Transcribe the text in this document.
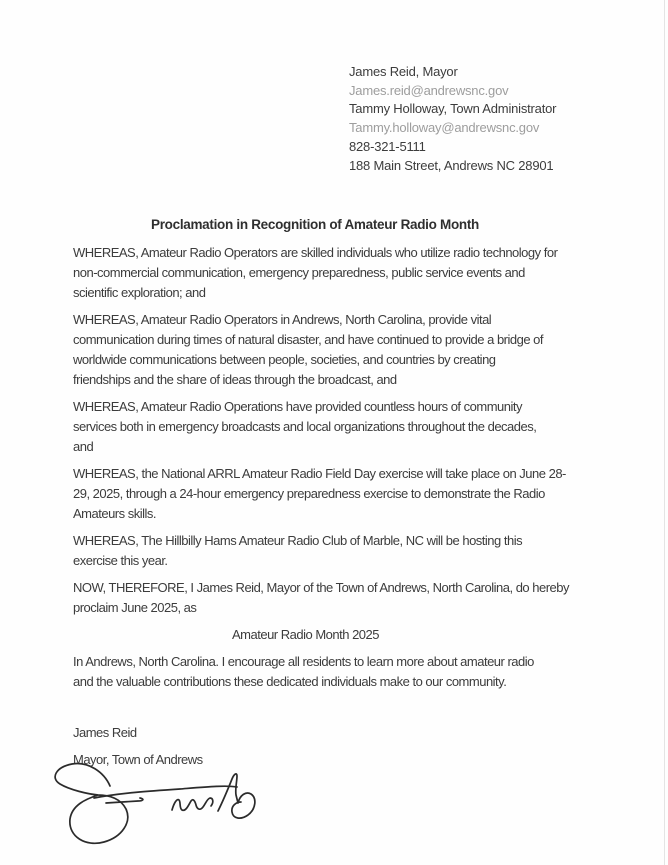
James Reid, Mayor
James.reid@andrewsnc.gov
Tammy Holloway, Town Administrator
Tammy.holloway@andrewsnc.gov
828-321-5111
188 Main Street, Andrews NC 28901
Proclamation in Recognition of Amateur Radio Month
WHEREAS, Amateur Radio Operators are skilled individuals who utilize radio technology for
non-commercial communication, emergency preparedness, public service events and
scientific exploration; and
WHEREAS, Amateur Radio Operators in Andrews, North Carolina, provide vital
communication during times of natural disaster, and have continued to provide a bridge of
worldwide communications between people, societies, and countries by creating
friendships and the share of ideas through the broadcast, and
WHEREAS, Amateur Radio Operations have provided countless hours of community
services both in emergency broadcasts and local organizations throughout the decades,
and
WHEREAS, the National ARRL Amateur Radio Field Day exercise will take place on June 28-
29, 2025, through a 24-hour emergency preparedness exercise to demonstrate the Radio
Amateurs skills.
WHEREAS, The Hillbilly Hams Amateur Radio Club of Marble, NC will be hosting this
exercise this year.
NOW, THEREFORE, I James Reid, Mayor of the Town of Andrews, North Carolina, do hereby
proclaim June 2025, as
Amateur Radio Month 2025
In Andrews, North Carolina. I encourage all residents to learn more about amateur radio
and the valuable contributions these dedicated individuals make to our community.
James Reid
Mayor, Town of Andrews
